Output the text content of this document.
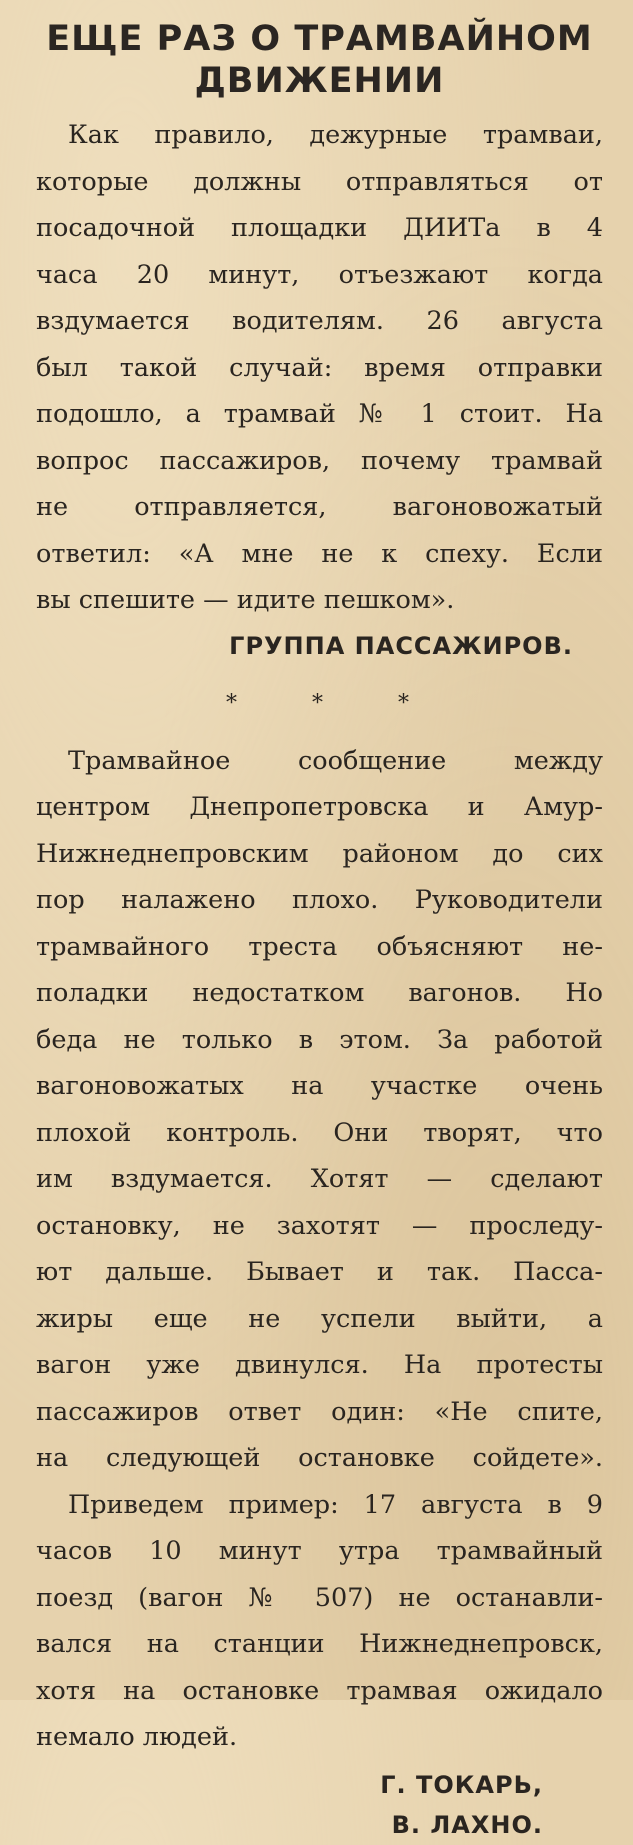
ЕЩЕ РАЗ О ТРАМВАЙНОМ
ДВИЖЕНИИ
Как правило, дежурные трамваи,
которые должны отправляться от
посадочной площадки ДИИТа в 4
часа 20 минут, отъезжают когда
вздумается водителям. 26 августа
был такой случай: время отправки
подошло, а трамвай № 1 стоит. На
вопрос пассажиров, почему трамвай
не отправляется, вагоновожатый
ответил: «А мне не к спеху. Если
вы спешите — идите пешком».

ГРУППА ПАССАЖИРОВ.

* * *
Трамвайное сообщение между
центром Днепропетровска и Амур-
Нижнеднепровским районом до сих
пор налажено плохо. Руководители
трамвайного треста объясняют не-
поладки недостатком вагонов. Но
беда не только в этом. За работой
вагоновожатых на участке очень
плохой контроль. Они творят, что
им вздумается. Хотят — сделают
остановку, не захотят — проследу-
ют дальше. Бывает и так. Пасса-
жиры еще не успели выйти, а
вагон уже двинулся. На протесты
пассажиров ответ один: «Не спите,
на следующей остановке сойдете».
Приведем пример: 17 августа в 9
часов 10 минут утра трамвайный
поезд (вагон № 507) не останавли-
вался на станции Нижнеднепровск,
хотя на остановке трамвая ожидало
немало людей.
Г. ТОКАРЬ,
В. ЛАХНО.
